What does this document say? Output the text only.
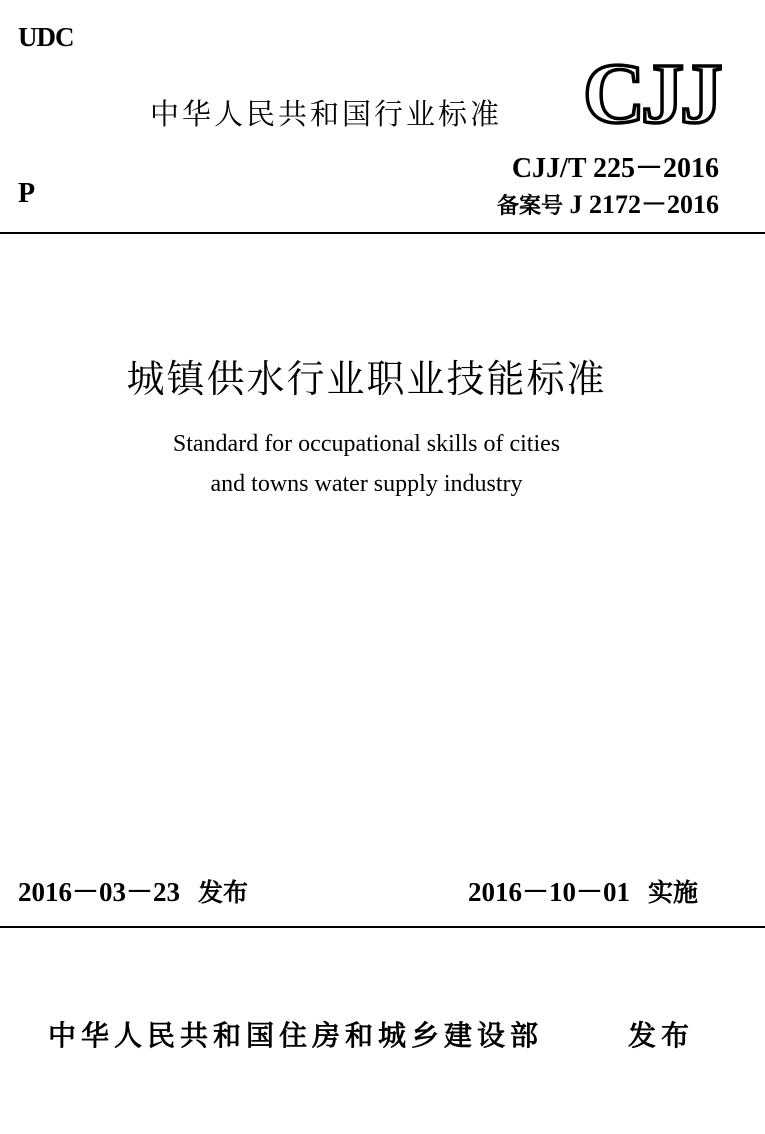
UDC
P
中华人民共和国行业标准 CJJ
CJJ/T 225－2016
备案号 J 2172－2016
城镇供水行业职业技能标准
Standard for occupational skills of cities
and towns water supply industry
2016－03－23 发布	2016－10－01 实施
中华人民共和国住房和城乡建设部	发布
